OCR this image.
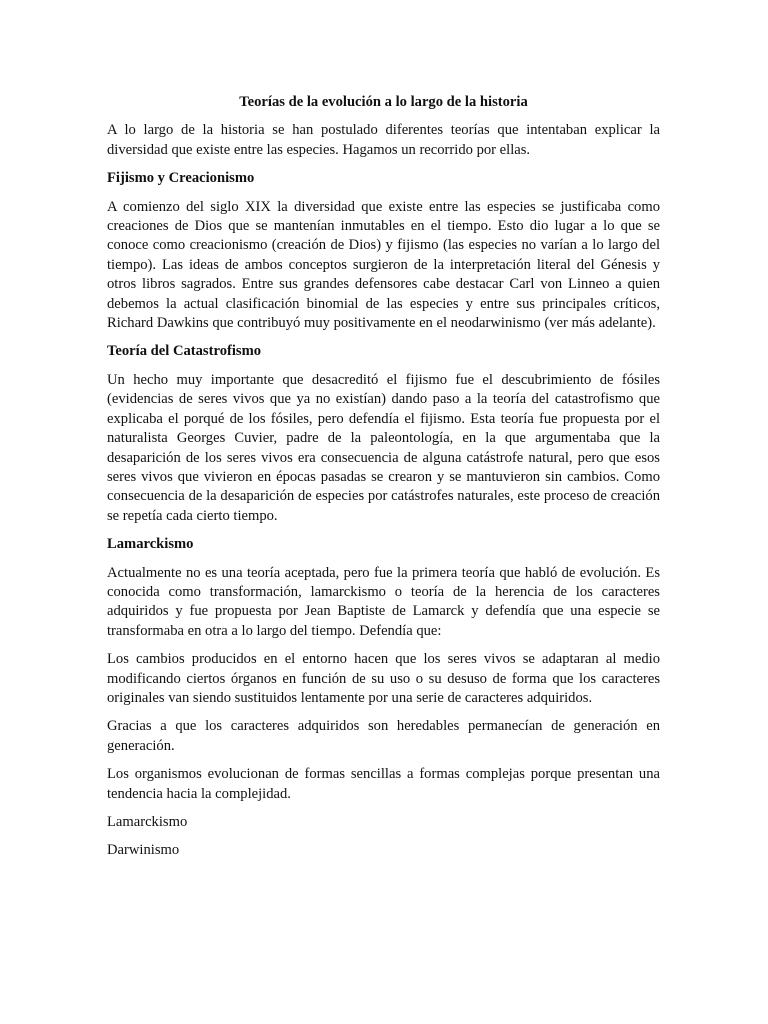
Teorías de la evolución a lo largo de la historia

A lo largo de la historia se han postulado diferentes teorías que intentaban explicar la diversidad que existe entre las especies. Hagamos un recorrido por ellas.

Fijismo y Creacionismo

A comienzo del siglo XIX la diversidad que existe entre las especies se justificaba como creaciones de Dios que se mantenían inmutables en el tiempo. Esto dio lugar a lo que se conoce como creacionismo (creación de Dios) y fijismo (las especies no varían a lo largo del tiempo). Las ideas de ambos conceptos surgieron de la interpretación literal del Génesis y otros libros sagrados. Entre sus grandes defensores cabe destacar Carl von Linneo a quien debemos la actual clasificación binomial de las especies y entre sus principales críticos, Richard Dawkins que contribuyó muy positivamente en el neodarwinismo (ver más adelante).

Teoría del Catastrofismo

Un hecho muy importante que desacreditó el fijismo fue el descubrimiento de fósiles (evidencias de seres vivos que ya no existían) dando paso a la teoría del catastrofismo que explicaba el porqué de los fósiles, pero defendía el fijismo. Esta teoría fue propuesta por el naturalista Georges Cuvier, padre de la paleontología, en la que argumentaba que la desaparición de los seres vivos era consecuencia de alguna catástrofe natural, pero que esos seres vivos que vivieron en épocas pasadas se crearon y se mantuvieron sin cambios. Como consecuencia de la desaparición de especies por catástrofes naturales, este proceso de creación se repetía cada cierto tiempo.

Lamarckismo

Actualmente no es una teoría aceptada, pero fue la primera teoría que habló de evolución. Es conocida como transformación, lamarckismo o teoría de la herencia de los caracteres adquiridos y fue propuesta por Jean Baptiste de Lamarck y defendía que una especie se transformaba en otra a lo largo del tiempo. Defendía que:

Los cambios producidos en el entorno hacen que los seres vivos se adaptaran al medio modificando ciertos órganos en función de su uso o su desuso de forma que los caracteres originales van siendo sustituidos lentamente por una serie de caracteres adquiridos.

Gracias a que los caracteres adquiridos son heredables permanecían de generación en generación.

Los organismos evolucionan de formas sencillas a formas complejas porque presentan una tendencia hacia la complejidad.

Lamarckismo

Darwinismo
